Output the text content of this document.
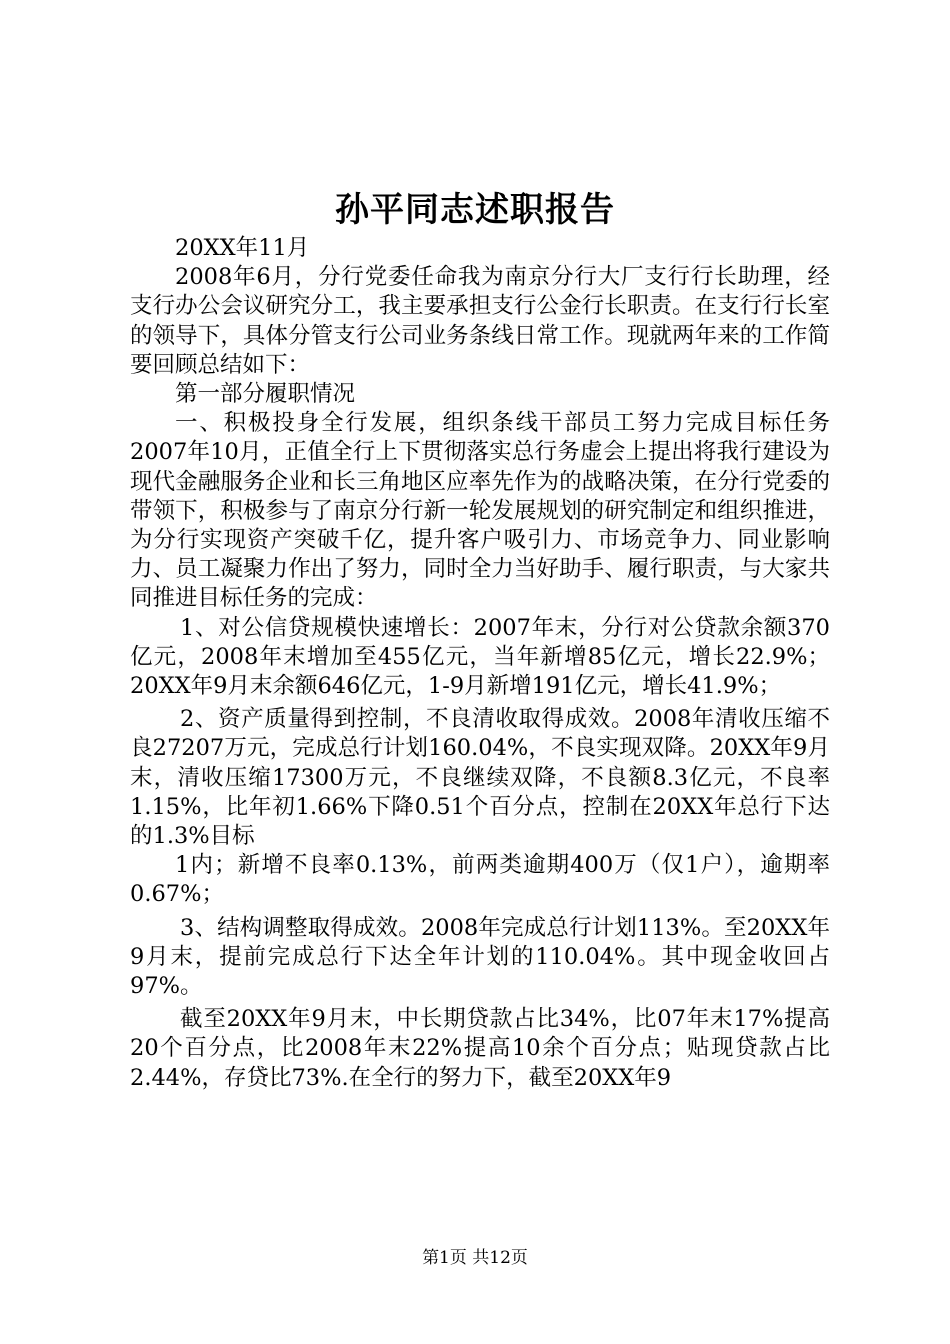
孙平同志述职报告

20XX年11月

2008年6月，分行党委任命我为南京分行大厂支行行长助理，经支行办公会议研究分工，我主要承担支行公金行长职责。在支行行长室的领导下，具体分管支行公司业务条线日常工作。现就两年来的工作简要回顾总结如下：

第一部分履职情况

一、积极投身全行发展，组织条线干部员工努力完成目标任务2007年10月，正值全行上下贯彻落实总行务虚会上提出将我行建设为现代金融服务企业和长三角地区应率先作为的战略决策，在分行党委的带领下，积极参与了南京分行新一轮发展规划的研究制定和组织推进，为分行实现资产突破千亿，提升客户吸引力、市场竞争力、同业影响力、员工凝聚力作出了努力，同时全力当好助手、履行职责，与大家共同推进目标任务的完成：

1、对公信贷规模快速增长：2007年末，分行对公贷款余额370亿元，2008年末增加至455亿元，当年新增85亿元，增长22.9%；20XX年9月末余额646亿元，1-9月新增191亿元，增长41.9%；

2、资产质量得到控制，不良清收取得成效。2008年清收压缩不良27207万元，完成总行计划160.04%，不良实现双降。20XX年9月末，清收压缩17300万元，不良继续双降，不良额8.3亿元，不良率1.15%，比年初1.66%下降0.51个百分点，控制在20XX年总行下达的1.3%目标

1内；新增不良率0.13%，前两类逾期400万（仅1户），逾期率0.67%；

3、结构调整取得成效。2008年完成总行计划113%。至20XX年9月末，提前完成总行下达全年计划的110.04%。其中现金收回占97%。

截至20XX年9月末，中长期贷款占比34%，比07年末17%提高20个百分点，比2008年末22%提高10余个百分点；贴现贷款占比2.44%，存贷比73%.在全行的努力下，截至20XX年9

第1页 共12页
